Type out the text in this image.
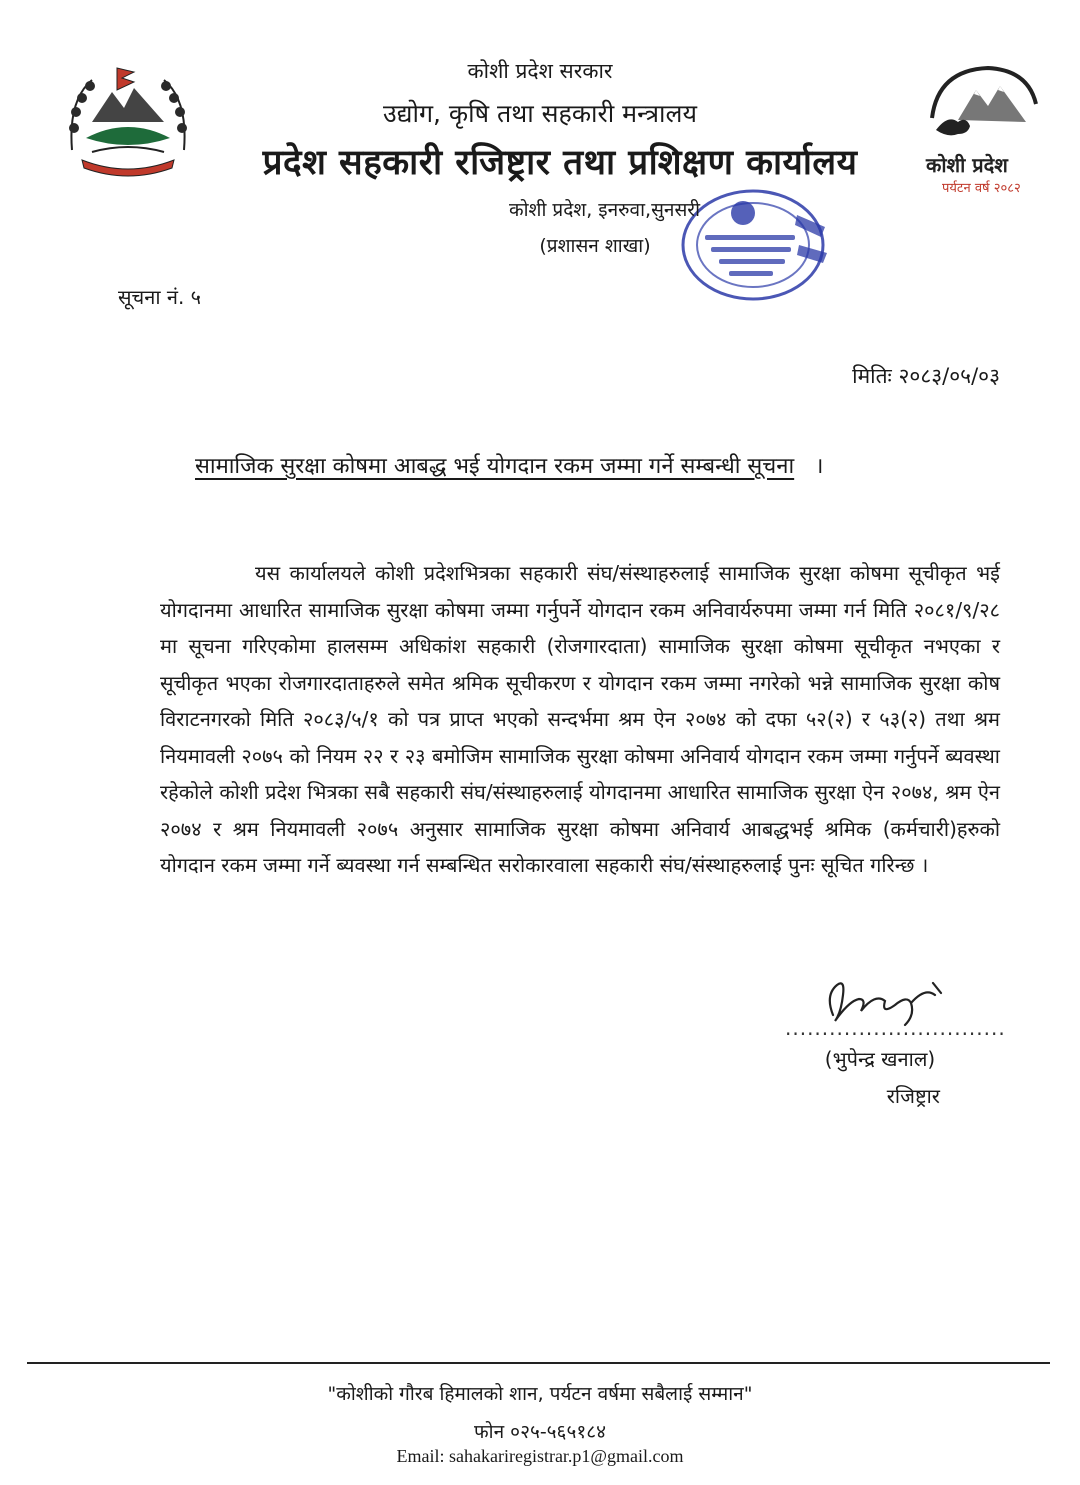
कोशी प्रदेश
पर्यटन वर्ष २०८२
कोशी प्रदेश सरकार
उद्योग, कृषि तथा सहकारी मन्त्रालय
प्रदेश सहकारी रजिष्ट्रार तथा प्रशिक्षण कार्यालय
कोशी प्रदेश, इनरुवा,सुनसरी
(प्रशासन शाखा)
सूचना नं. ५
मितिः २०८३/०५/०३
सामाजिक सुरक्षा कोषमा आबद्ध भई योगदान रकम जम्मा गर्ने सम्बन्धी सूचना ।
यस कार्यालयले कोशी प्रदेशभित्रका सहकारी संघ/संस्थाहरुलाई सामाजिक सुरक्षा कोषमा सूचीकृत भई योगदानमा आधारित सामाजिक सुरक्षा कोषमा जम्मा गर्नुपर्ने योगदान रकम अनिवार्यरुपमा जम्मा गर्न मिति २०८१/९/२८ मा सूचना गरिएकोमा हालसम्म अधिकांश सहकारी (रोजगारदाता) सामाजिक सुरक्षा कोषमा सूचीकृत नभएका र सूचीकृत भएका रोजगारदाताहरुले समेत श्रमिक सूचीकरण र योगदान रकम जम्मा नगरेको भन्ने सामाजिक सुरक्षा कोष विराटनगरको मिति २०८३/५/१ को पत्र प्राप्त भएको सन्दर्भमा श्रम ऐन २०७४ को दफा ५२(२) र ५३(२) तथा श्रम नियमावली २०७५ को नियम २२ र २३ बमोजिम सामाजिक सुरक्षा कोषमा अनिवार्य योगदान रकम जम्मा गर्नुपर्ने ब्यवस्था रहेकोले कोशी प्रदेश भित्रका सबै सहकारी संघ/संस्थाहरुलाई योगदानमा आधारित सामाजिक सुरक्षा ऐन २०७४, श्रम ऐन २०७४ र श्रम नियमावली २०७५ अनुसार सामाजिक सुरक्षा कोषमा अनिवार्य आबद्धभई श्रमिक (कर्मचारी)हरुको योगदान रकम जम्मा गर्ने ब्यवस्था गर्न सम्बन्धित सरोकारवाला सहकारी संघ/संस्थाहरुलाई पुनः सूचित गरिन्छ ।
..............................
(भुपेन्द्र खनाल)
रजिष्ट्रार
"कोशीको गौरब हिमालको शान, पर्यटन वर्षमा सबैलाई सम्मान"
फोन ०२५-५६५१८४
Email: sahakariregistrar.p1@gmail.com
